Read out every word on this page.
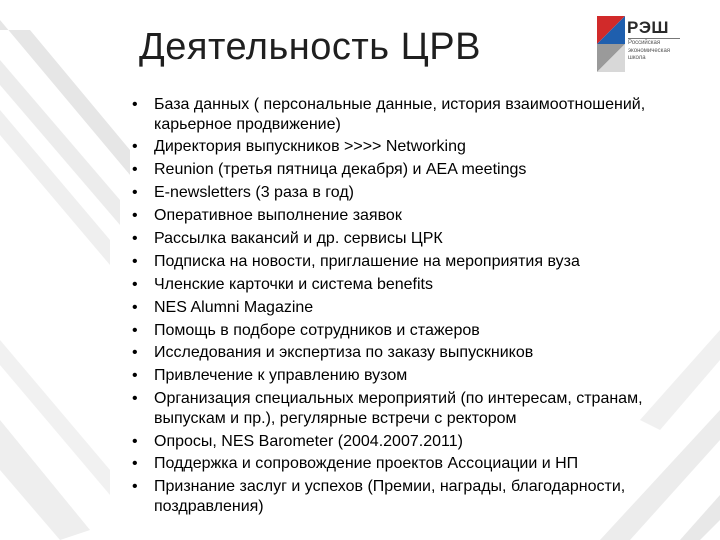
Деятельность ЦРВ	РЭШ
Российская экономическая школа
• База данных ( персональные данные, история взаимоотношений, карьерное продвижение)
• Директория выпускников >>>> Networking
• Reunion (третья пятница декабря) и AEA meetings
• E-newsletters (3 раза в год)
• Оперативное выполнение заявок
• Рассылка вакансий и др. сервисы ЦРК
• Подписка на новости, приглашение на мероприятия вуза
• Членские карточки и система benefits
• NES Alumni Magazine
• Помощь в подборе сотрудников и стажеров
• Исследования и экспертиза по заказу выпускников
• Привлечение к управлению вузом
• Организация специальных мероприятий (по интересам, странам, выпускам и пр.), регулярные встречи с ректором
• Опросы, NES Barometer (2004.2007.2011)
• Поддержка и сопровождение проектов Ассоциации и НП
• Признание заслуг и успехов (Премии, награды, благодарности, поздравления)
